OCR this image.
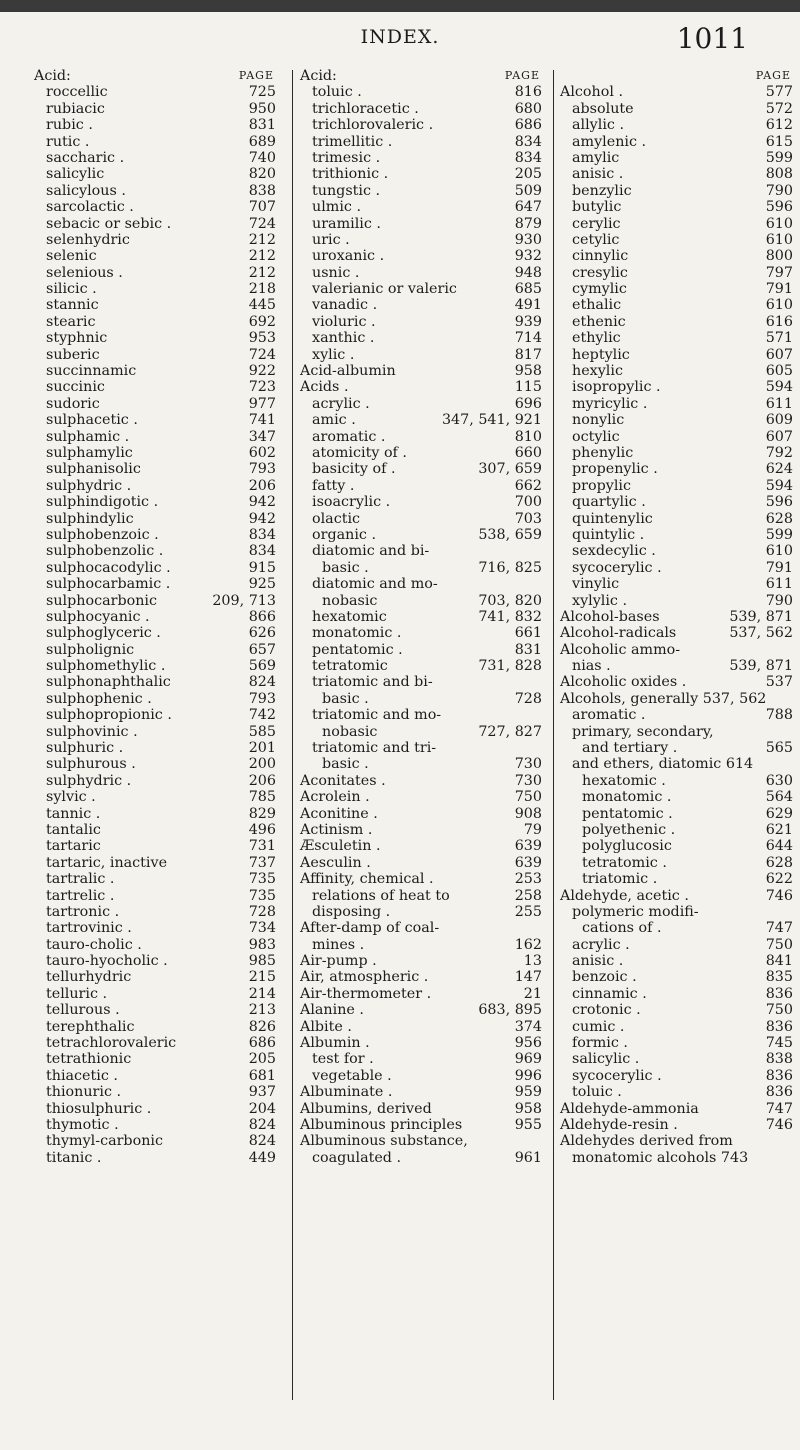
INDEX.	1011
Acid:	PAGE
roccellic	725
rubiacic	950
rubic .	831
rutic .	689
saccharic .	740
salicylic	820
salicylous .	838
sarcolactic .	707
sebacic or sebic .	724
selenhydric	212
selenic	212
selenious .	212
silicic .	218
stannic	445
stearic	692
styphnic	953
suberic	724
succinnamic	922
succinic	723
sudoric	977
sulphacetic .	741
sulphamic .	347
sulphamylic	602
sulphanisolic	793
sulphydric .	206
sulphindigotic .	942
sulphindylic	942
sulphobenzoic .	834
sulphobenzolic .	834
sulphocacodylic .	915
sulphocarbamic .	925
sulphocarbonic	209, 713
sulphocyanic .	866
sulphoglyceric .	626
sulpholignic	657
sulphomethylic .	569
sulphonaphthalic	824
sulphophenic .	793
sulphopropionic .	742
sulphovinic .	585
sulphuric .	201
sulphurous .	200
sulphydric .	206
sylvic .	785
tannic .	829
tantalic	496
tartaric	731
tartaric, inactive	737
tartralic .	735
tartrelic .	735
tartronic .	728
tartrovinic .	734
tauro-cholic .	983
tauro-hyocholic .	985
tellurhydric	215
telluric .	214
tellurous .	213
terephthalic	826
tetrachlorovaleric	686
tetrathionic	205
thiacetic .	681
thionuric .	937
thiosulphuric .	204
thymotic .	824
thymyl-carbonic	824
titanic .	449
Acid:	PAGE
toluic .	816
trichloracetic .	680
trichlorovaleric .	686
trimellitic .	834
trimesic .	834
trithionic .	205
tungstic .	509
ulmic .	647
uramilic .	879
uric .	930
uroxanic .	932
usnic .	948
valerianic or valeric	685
vanadic .	491
violuric .	939
xanthic .	714
xylic .	817
Acid-albumin	958
Acids .	115
acrylic .	696
amic .	347, 541, 921
aromatic .	810
atomicity of .	660
basicity of .	307, 659
fatty .	662
isoacrylic .	700
olactic	703
organic .	538, 659
diatomic and bi-
basic .	716, 825
diatomic and mo-
nobasic	703, 820
hexatomic	741, 832
monatomic .	661
pentatomic .	831
tetratomic	731, 828
triatomic and bi-
basic .	728
triatomic and mo-
nobasic	727, 827
triatomic and tri-
basic .	730
Aconitates .	730
Acrolein .	750
Aconitine .	908
Actinism .	79
Æsculetin .	639
Aesculin .	639
Affinity, chemical .	253
relations of heat to	258
disposing .	255
After-damp of coal-
mines .	162
Air-pump .	13
Air, atmospheric .	147
Air-thermometer .	21
Alanine .	683, 895
Albite .	374
Albumin .	956
test for .	969
vegetable .	996
Albuminate .	959
Albumins, derived	958
Albuminous principles	955
Albuminous substance,
coagulated .	961
PAGE
Alcohol .	577
absolute	572
allylic .	612
amylenic .	615
amylic	599
anisic .	808
benzylic	790
butylic	596
cerylic	610
cetylic	610
cinnylic	800
cresylic	797
cymylic	791
ethalic	610
ethenic	616
ethylic	571
heptylic	607
hexylic	605
isopropylic .	594
myricylic .	611
nonylic	609
octylic	607
phenylic	792
propenylic .	624
propylic	594
quartylic .	596
quintenylic	628
quintylic .	599
sexdecylic .	610
sycocerylic .	791
vinylic	611
xylylic .	790
Alcohol-bases	539, 871
Alcohol-radicals	537, 562
Alcoholic ammo-
nias .	539, 871
Alcoholic oxides .	537
Alcohols, generally 537, 562
aromatic .	788
primary, secondary,
and tertiary .	565
and ethers, diatomic 614
hexatomic .	630
monatomic .	564
pentatomic .	629
polyethenic .	621
polyglucosic	644
tetratomic .	628
triatomic .	622
Aldehyde, acetic .	746
polymeric modifi-
cations of .	747
acrylic .	750
anisic .	841
benzoic .	835
cinnamic .	836
crotonic .	750
cumic .	836
formic .	745
salicylic .	838
sycocerylic .	836
toluic .	836
Aldehyde-ammonia	747
Aldehyde-resin .	746
Aldehydes derived from
monatomic alcohols 743
